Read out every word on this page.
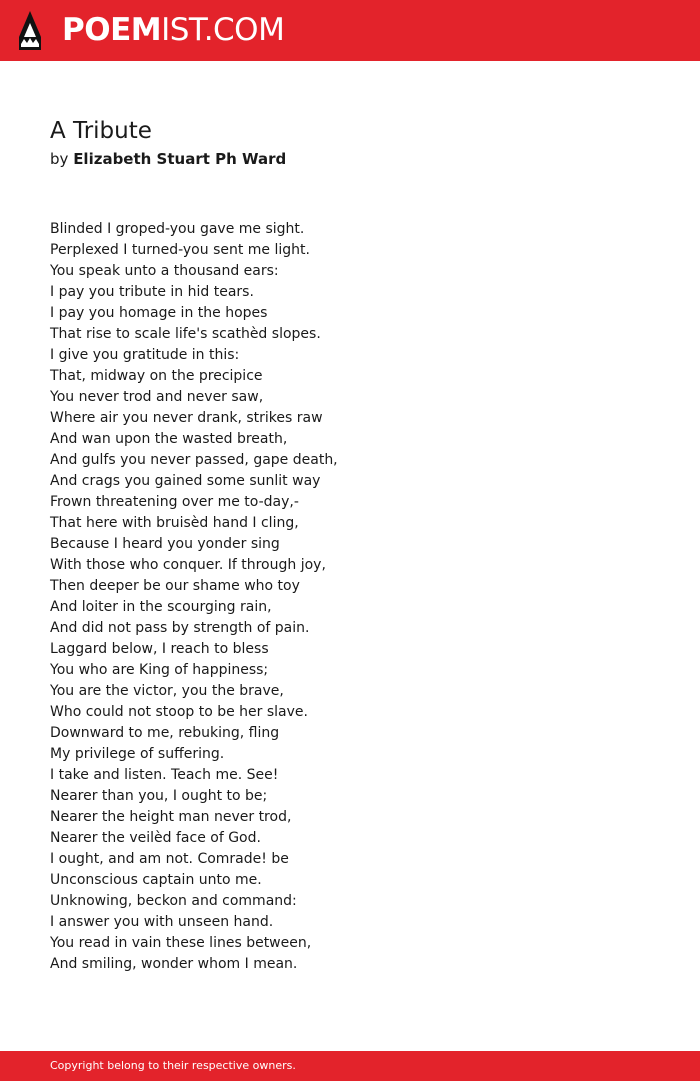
POEMIST.COM
A Tribute
by Elizabeth Stuart Ph Ward
Blinded I groped-you gave me sight.
Perplexed I turned-you sent me light.
You speak unto a thousand ears:
I pay you tribute in hid tears.
I pay you homage in the hopes
That rise to scale life's scathèd slopes.
I give you gratitude in this:
That, midway on the precipice
You never trod and never saw,
Where air you never drank, strikes raw
And wan upon the wasted breath,
And gulfs you never passed, gape death,
And crags you gained some sunlit way
Frown threatening over me to-day,-
That here with bruisèd hand I cling,
Because I heard you yonder sing
With those who conquer. If through joy,
Then deeper be our shame who toy
And loiter in the scourging rain,
And did not pass by strength of pain.
Laggard below, I reach to bless
You who are King of happiness;
You are the victor, you the brave,
Who could not stoop to be her slave.
Downward to me, rebuking, fling
My privilege of suffering.
I take and listen. Teach me. See!
Nearer than you, I ought to be;
Nearer the height man never trod,
Nearer the veilèd face of God.
I ought, and am not. Comrade! be
Unconscious captain unto me.
Unknowing, beckon and command:
I answer you with unseen hand.
You read in vain these lines between,
And smiling, wonder whom I mean.
Copyright belong to their respective owners.
